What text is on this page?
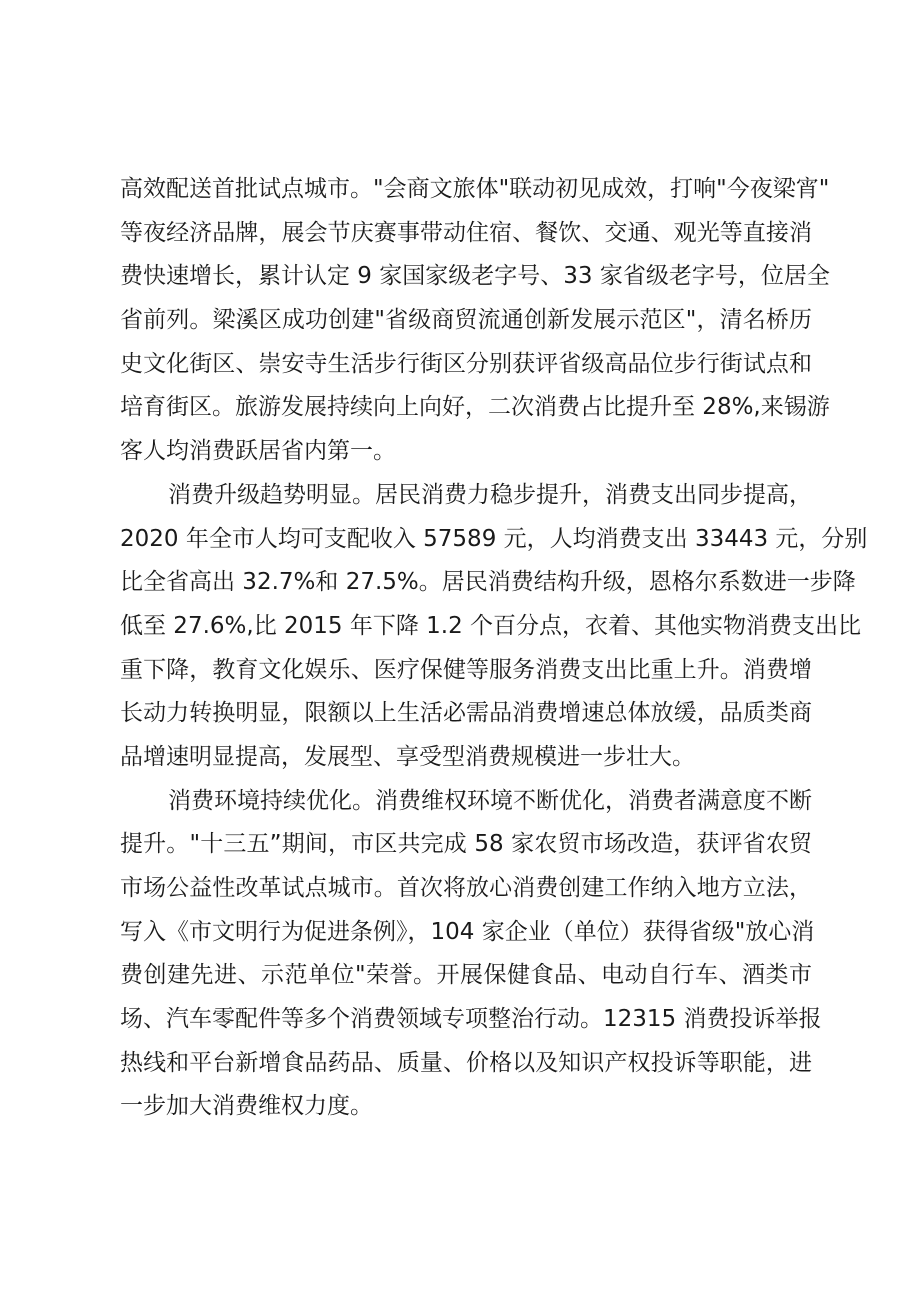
高效配送首批试点城市。"会商文旅体"联动初见成效，打响"今夜梁宵"
等夜经济品牌，展会节庆赛事带动住宿、餐饮、交通、观光等直接消
费快速增长，累计认定 9 家国家级老字号、33 家省级老字号，位居全
省前列。梁溪区成功创建"省级商贸流通创新发展示范区"，清名桥历
史文化街区、崇安寺生活步行街区分别获评省级高品位步行街试点和
培育街区。旅游发展持续向上向好，二次消费占比提升至 28%,来锡游
客人均消费跃居省内第一。
消费升级趋势明显。居民消费力稳步提升，消费支出同步提高，
2020 年全市人均可支配收入 57589 元，人均消费支出 33443 元，分别
比全省高出 32.7%和 27.5%。居民消费结构升级，恩格尔系数进一步降
低至 27.6%,比 2015 年下降 1.2 个百分点，衣着、其他实物消费支出比
重下降，教育文化娱乐、医疗保健等服务消费支出比重上升。消费增
长动力转换明显，限额以上生活必需品消费增速总体放缓，品质类商
品增速明显提高，发展型、享受型消费规模进一步壮大。
消费环境持续优化。消费维权环境不断优化，消费者满意度不断
提升。"十三五”期间，市区共完成 58 家农贸市场改造，获评省农贸
市场公益性改革试点城市。首次将放心消费创建工作纳入地方立法，
写入《市文明行为促进条例》，104 家企业（单位）获得省级"放心消
费创建先进、示范单位"荣誉。开展保健食品、电动自行车、酒类市
场、汽车零配件等多个消费领域专项整治行动。12315 消费投诉举报
热线和平台新增食品药品、质量、价格以及知识产权投诉等职能，进
一步加大消费维权力度。
